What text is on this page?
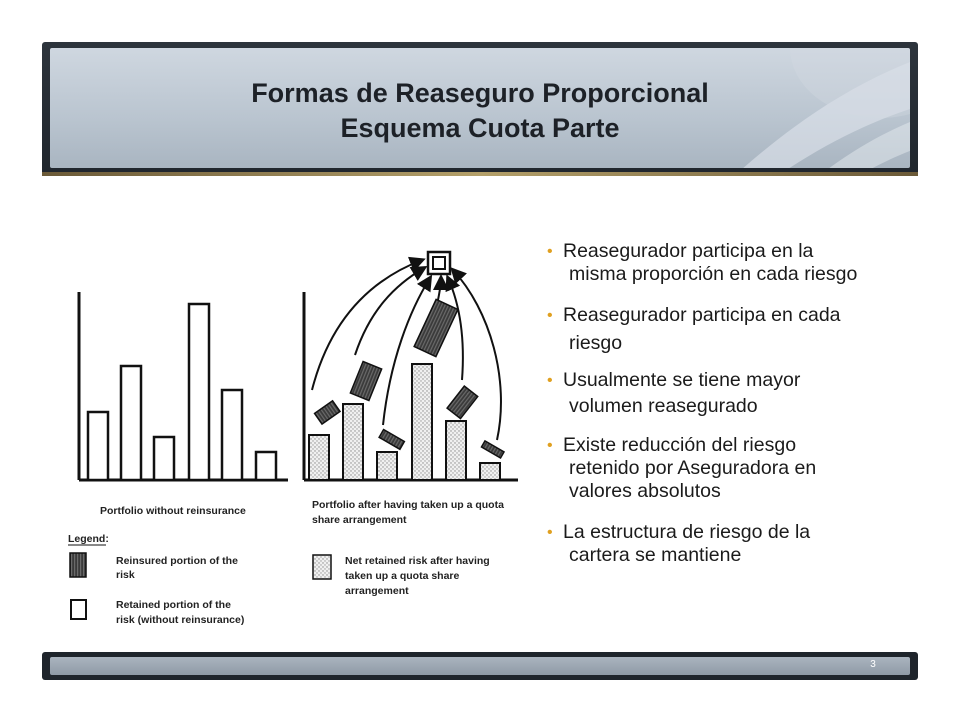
Formas de Reaseguro Proporcional
Esquema Cuota Parte
Portfolio without reinsurance	Portfolio after having taken up a quota
share arrangement
Legend:
Reinsured portion of the
risk
Retained portion of the
risk (without reinsurance)
Net retained risk after having
taken up a quota share
arrangement
• Reasegurador participa en la
misma proporción en cada riesgo
• Reasegurador participa en cada
riesgo
• Usualmente se tiene mayor
volumen reasegurado
• Existe reducción del riesgo
retenido por Aseguradora en
valores absolutos
• La estructura de riesgo de la
cartera se mantiene
3
